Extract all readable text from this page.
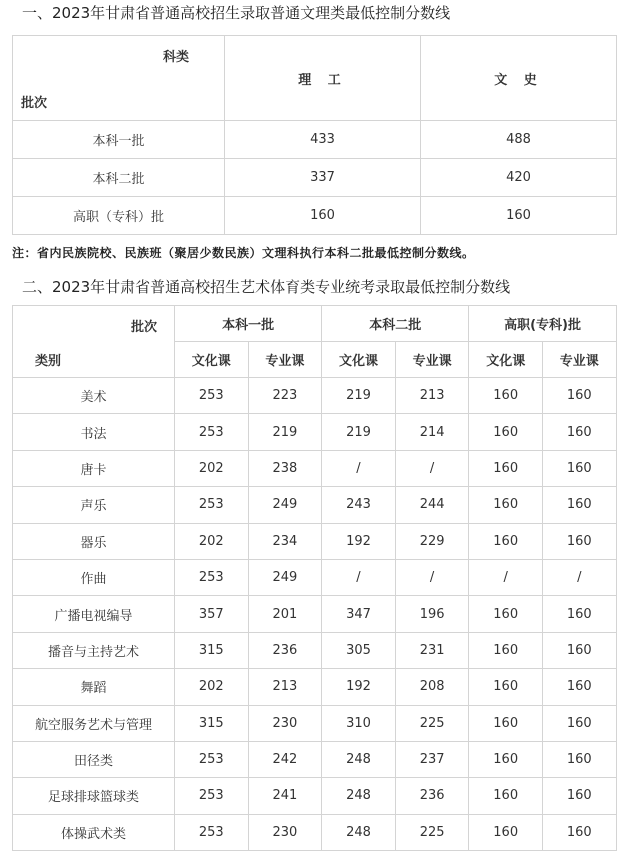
一、2023年甘肃省普通高校招生录取普通文理类最低控制分数线
科类
批次	理 工	文 史
本科一批	433	488
本科二批	337	420
高职（专科）批	160	160
注：省内民族院校、民族班（聚居少数民族）文理科执行本科二批最低控制分数线。
二、2023年甘肃省普通高校招生艺术体育类专业统考录取最低控制分数线
批次
类别	本科一批		本科二批		高职(专科)批	
	文化课	专业课	文化课	专业课	文化课	专业课
美术	253	223	219	213	160	160
书法	253	219	219	214	160	160
唐卡	202	238	/	/	160	160
声乐	253	249	243	244	160	160
器乐	202	234	192	229	160	160
作曲	253	249	/	/	/	/
广播电视编导	357	201	347	196	160	160
播音与主持艺术	315	236	305	231	160	160
舞蹈	202	213	192	208	160	160
航空服务艺术与管理	315	230	310	225	160	160
田径类	253	242	248	237	160	160
足球排球篮球类	253	241	248	236	160	160
体操武术类	253	230	248	225	160	160
